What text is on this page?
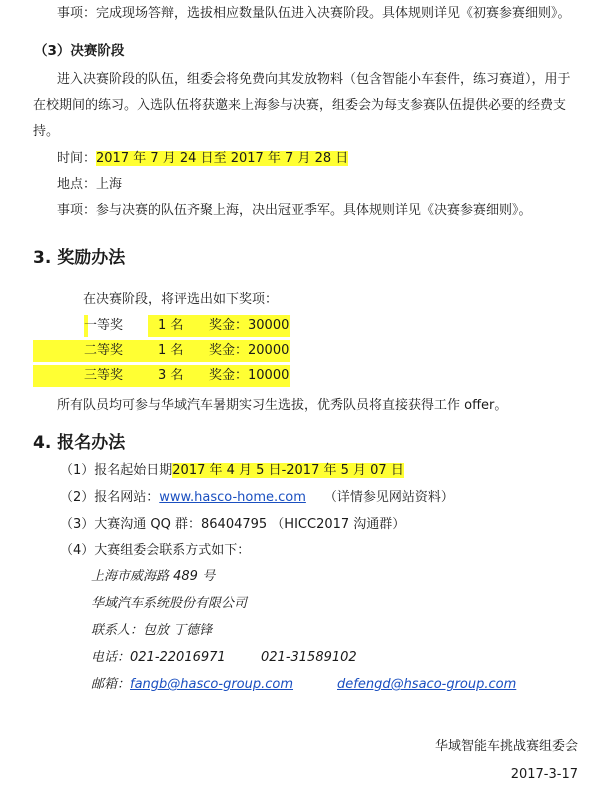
事项：完成现场答辩，选拔相应数量队伍进入决赛阶段。具体规则详见《初赛参赛细则》。
（3）决赛阶段
进入决赛阶段的队伍，组委会将免费向其发放物料（包含智能小车套件，练习赛道），用于
在校期间的练习。入选队伍将获邀来上海参与决赛，组委会为每支参赛队伍提供必要的经费支
持。
时间：2017 年 7 月 24 日至 2017 年 7 月 28 日
地点：上海
事项：参与决赛的队伍齐聚上海，决出冠亚季军。具体规则详见《决赛参赛细则》。
3. 奖励办法
在决赛阶段，将评选出如下奖项：
一等奖	1 名 奖金：30000
二等奖	1 名 奖金：20000
三等奖	3 名 奖金：10000
所有队员均可参与华域汽车暑期实习生选拔，优秀队员将直接获得工作 offer。
4. 报名办法
（1）报名起始日期2017 年 4 月 5 日-2017 年 5 月 07 日
（2）报名网站：www.hasco-home.com （详情参见网站资料）
（3）大赛沟通 QQ 群：86404795 （HICC2017 沟通群）
（4）大赛组委会联系方式如下：
上海市威海路 489 号
华域汽车系统股份有限公司
联系人：包放 丁德锋
电话：021-22016971	021-31589102
邮箱：fangb@hasco-group.com	defengd@hsaco-group.com
华域智能车挑战赛组委会
2017-3-17
